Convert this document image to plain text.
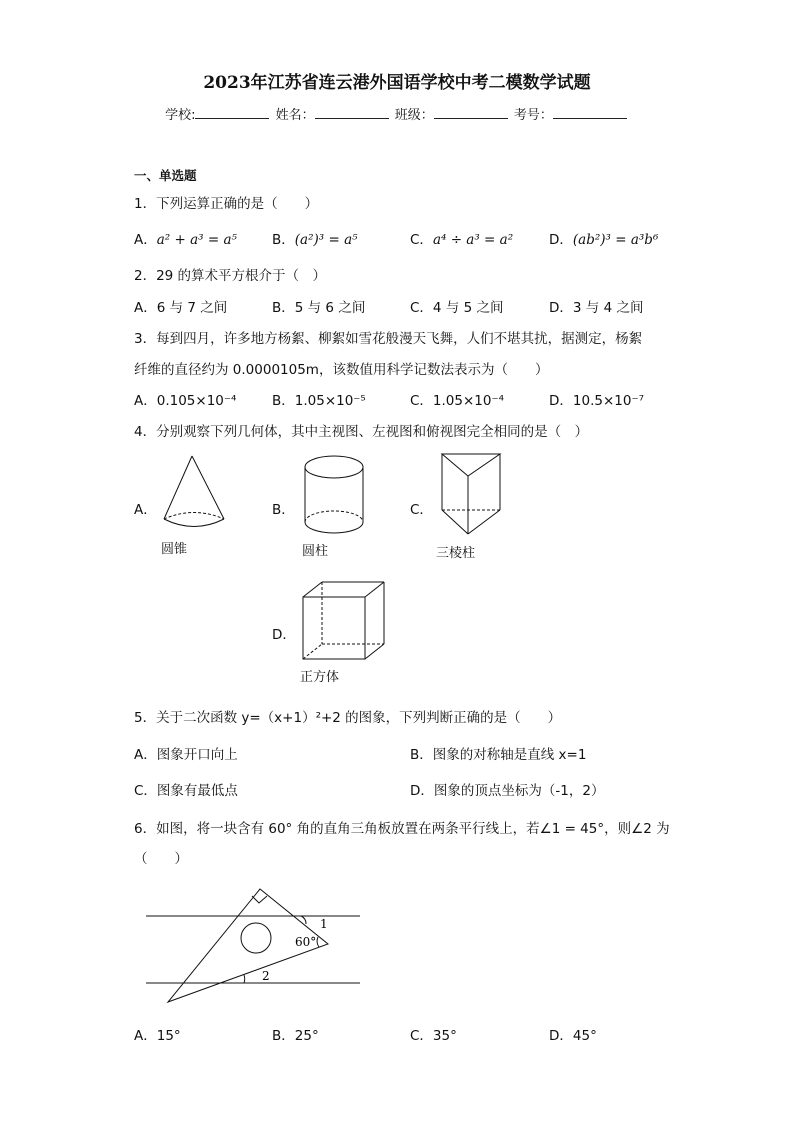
2023年江苏省连云港外国语学校中考二模数学试题
学校:	姓名：	班级：	考号：
一、单选题
1．下列运算正确的是（　　）
A．a² + a³ = a⁵	B．(a²)³ = a⁵	C．a⁴ ÷ a³ = a²	D．(ab²)³ = a³b⁶
2．29 的算术平方根介于（　）
A．6 与 7 之间	B．5 与 6 之间	C．4 与 5 之间	D．3 与 4 之间
3．每到四月，许多地方杨絮、柳絮如雪花般漫天飞舞，人们不堪其扰，据测定，杨絮
纤维的直径约为 0.0000105m，该数值用科学记数法表示为（　　）
A．0.105×10⁻⁴	B．1.05×10⁻⁵	C．1.05×10⁻⁴	D．10.5×10⁻⁷
4．分别观察下列几何体，其中主视图、左视图和俯视图完全相同的是（　）
A．
圆锥
B．
圆柱
C．
三棱柱
D．
正方体
5．关于二次函数 y=（x+1）²+2 的图象，下列判断正确的是（　　）
A．图象开口向上	B．图象的对称轴是直线 x=1
C．图象有最低点	D．图象的顶点坐标为（-1，2）
6．如图，将一块含有 60° 角的直角三角板放置在两条平行线上，若∠1 = 45°，则∠2 为
（　　）
1
60°
2
A．15°	B．25°	C．35°	D．45°
